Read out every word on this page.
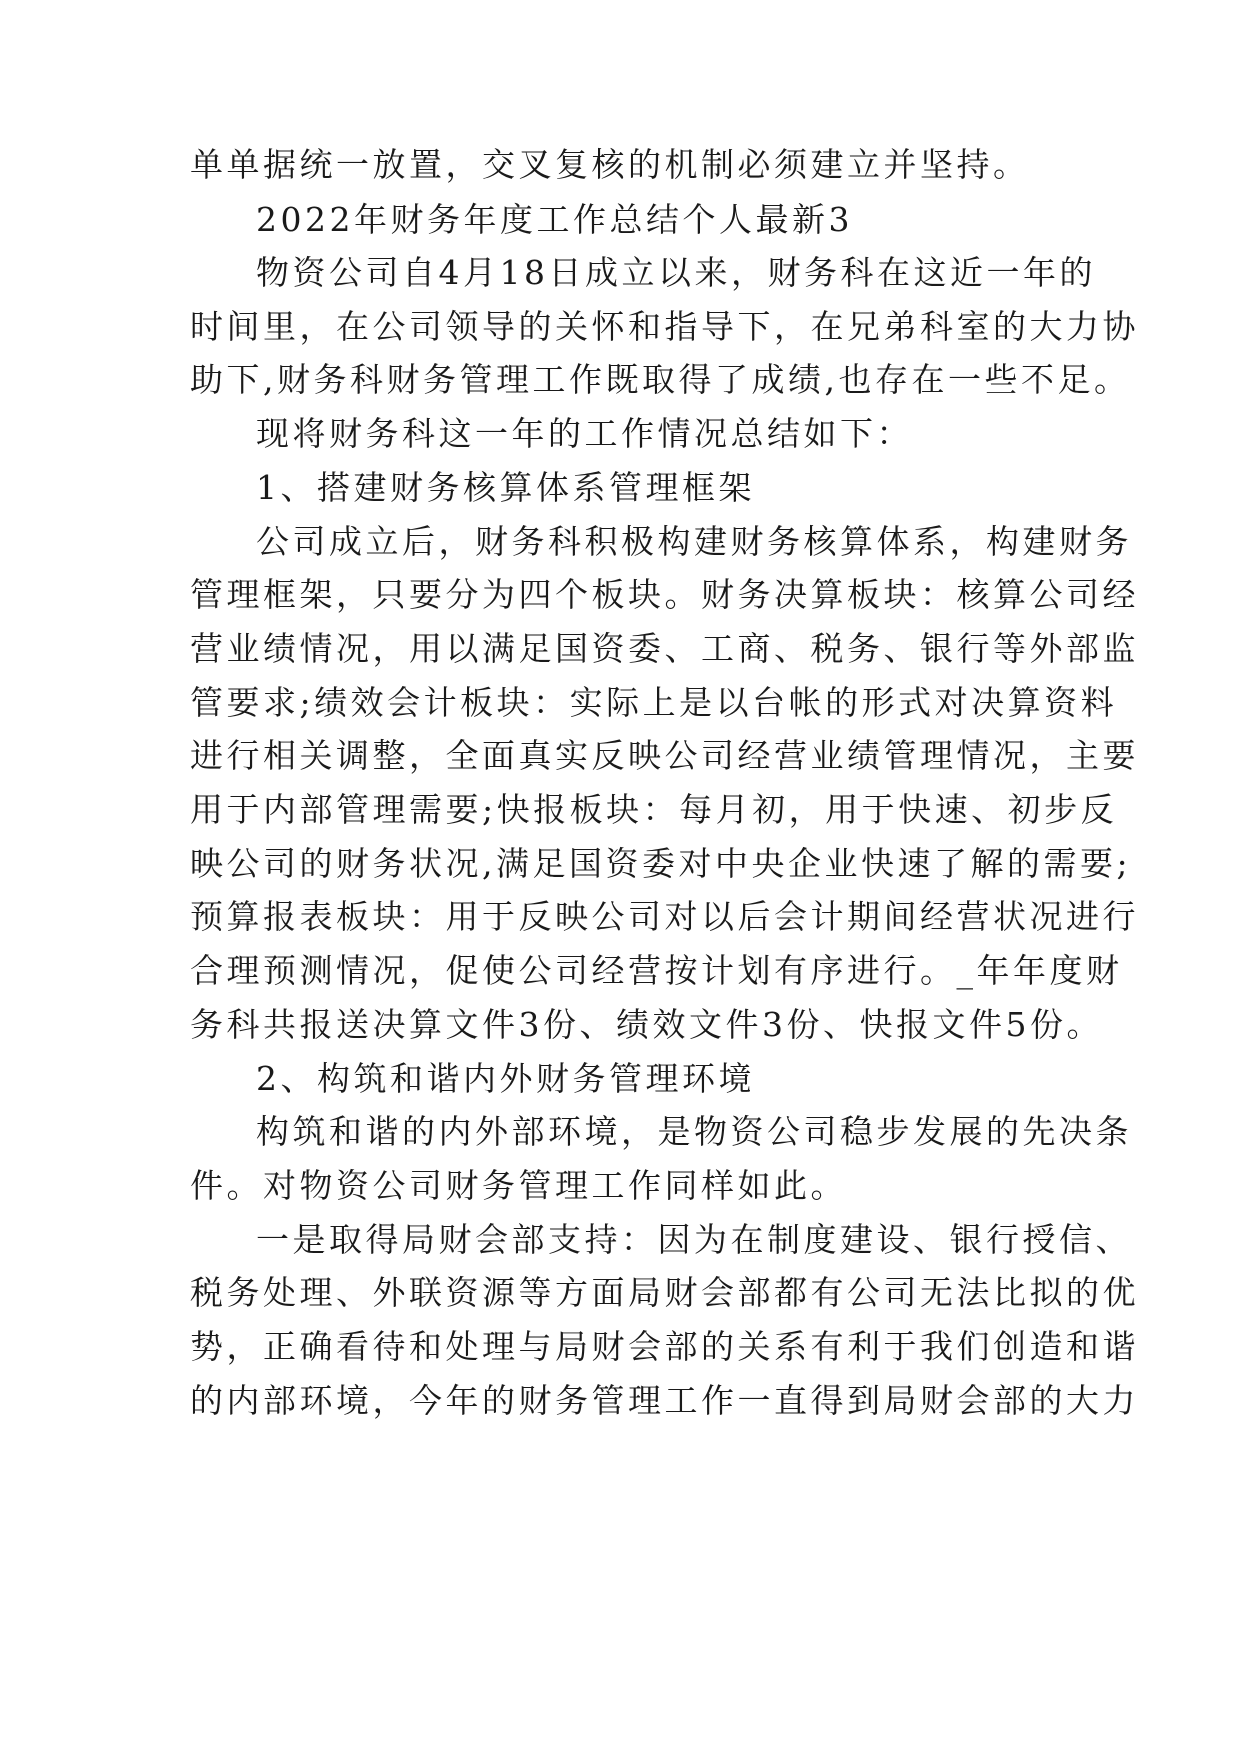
单单据统一放置，交叉复核的机制必须建立并坚持。

2022年财务年度工作总结个人最新3

物资公司自4月18日成立以来，财务科在这近一年的

时间里，在公司领导的关怀和指导下，在兄弟科室的大力协

助下,财务科财务管理工作既取得了成绩,也存在一些不足。

现将财务科这一年的工作情况总结如下：

1、搭建财务核算体系管理框架

公司成立后，财务科积极构建财务核算体系，构建财务

管理框架，只要分为四个板块。财务决算板块：核算公司经

营业绩情况，用以满足国资委、工商、税务、银行等外部监

管要求;绩效会计板块：实际上是以台帐的形式对决算资料

进行相关调整，全面真实反映公司经营业绩管理情况，主要

用于内部管理需要;快报板块：每月初，用于快速、初步反

映公司的财务状况,满足国资委对中央企业快速了解的需要;

预算报表板块：用于反映公司对以后会计期间经营状况进行

合理预测情况，促使公司经营按计划有序进行。_年年度财

务科共报送决算文件3份、绩效文件3份、快报文件5份。

2、构筑和谐内外财务管理环境

构筑和谐的内外部环境，是物资公司稳步发展的先决条

件。对物资公司财务管理工作同样如此。

一是取得局财会部支持：因为在制度建设、银行授信、

税务处理、外联资源等方面局财会部都有公司无法比拟的优

势，正确看待和处理与局财会部的关系有利于我们创造和谐

的内部环境，今年的财务管理工作一直得到局财会部的大力
